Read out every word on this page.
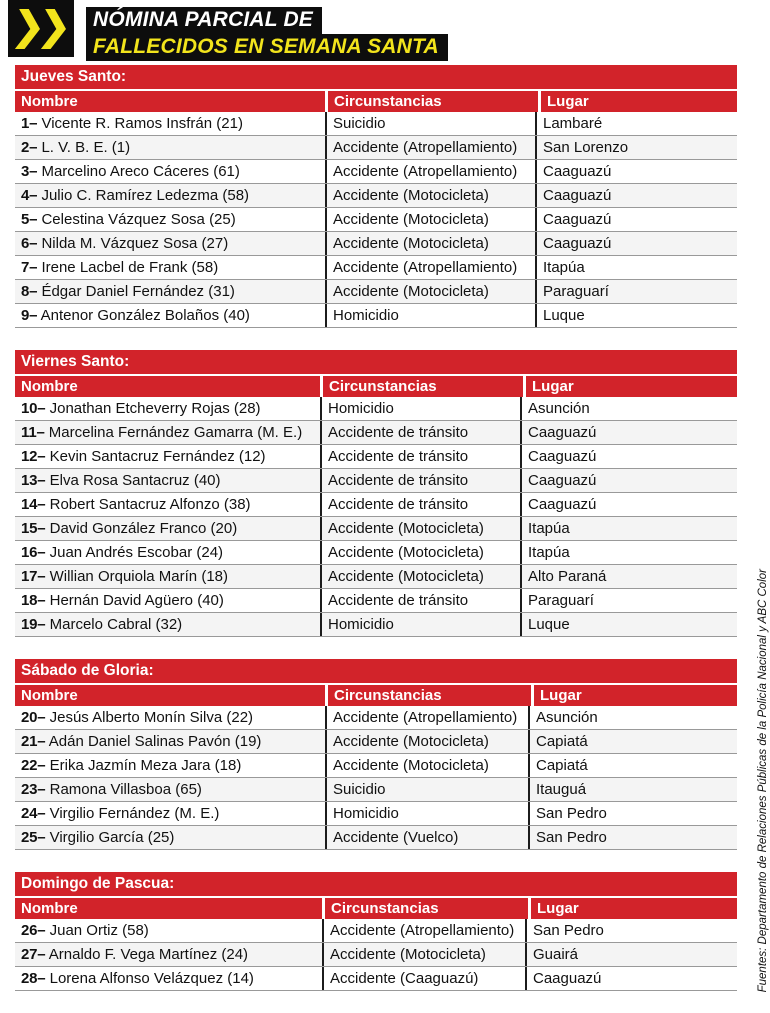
NÓMINA PARCIAL DE
FALLECIDOS EN SEMANA SANTA
Jueves Santo:
Nombre	Circunstancias	Lugar
1– Vicente R. Ramos Insfrán (21)	Suicidio	Lambaré
2– L. V. B. E. (1)	Accidente (Atropellamiento)	San Lorenzo
3– Marcelino Areco Cáceres (61)	Accidente (Atropellamiento)	Caaguazú
4– Julio C. Ramírez Ledezma (58)	Accidente (Motocicleta)	Caaguazú
5– Celestina Vázquez Sosa (25)	Accidente (Motocicleta)	Caaguazú
6– Nilda M. Vázquez Sosa (27)	Accidente (Motocicleta)	Caaguazú
7– Irene Lacbel de Frank (58)	Accidente (Atropellamiento)	Itapúa
8– Édgar Daniel Fernández (31)	Accidente (Motocicleta)	Paraguarí
9– Antenor González Bolaños (40)	Homicidio	Luque
Viernes Santo:
Nombre	Circunstancias	Lugar
10– Jonathan Etcheverry Rojas (28)	Homicidio	Asunción
11– Marcelina Fernández Gamarra (M. E.)	Accidente de tránsito	Caaguazú
12– Kevin Santacruz Fernández (12)	Accidente de tránsito	Caaguazú
13– Elva Rosa Santacruz (40)	Accidente de tránsito	Caaguazú
14– Robert Santacruz Alfonzo (38)	Accidente de tránsito	Caaguazú
15– David González Franco (20)	Accidente (Motocicleta)	Itapúa
16– Juan Andrés Escobar (24)	Accidente (Motocicleta)	Itapúa
17– Willian Orquiola Marín (18)	Accidente (Motocicleta)	Alto Paraná
18– Hernán David Agüero (40)	Accidente de tránsito	Paraguarí
19– Marcelo Cabral (32)	Homicidio	Luque
Sábado de Gloria:
Nombre	Circunstancias	Lugar
20– Jesús Alberto Monín Silva (22)	Accidente (Atropellamiento)	Asunción
21– Adán Daniel Salinas Pavón (19)	Accidente (Motocicleta)	Capiatá
22– Erika Jazmín Meza Jara (18)	Accidente (Motocicleta)	Capiatá
23– Ramona Villasboa (65)	Suicidio	Itauguá
24– Virgilio Fernández (M. E.)	Homicidio	San Pedro
25– Virgilio García (25)	Accidente (Vuelco)	San Pedro
Domingo de Pascua:
Nombre	Circunstancias	Lugar
26– Juan Ortiz (58)	Accidente (Atropellamiento)	San Pedro
27– Arnaldo F. Vega Martínez (24)	Accidente (Motocicleta)	Guairá
28– Lorena Alfonso Velázquez (14)	Accidente (Caaguazú)	Caaguazú	Fuentes: Departamento de Relaciones Públicas de la Policía Nacional y ABC Color
